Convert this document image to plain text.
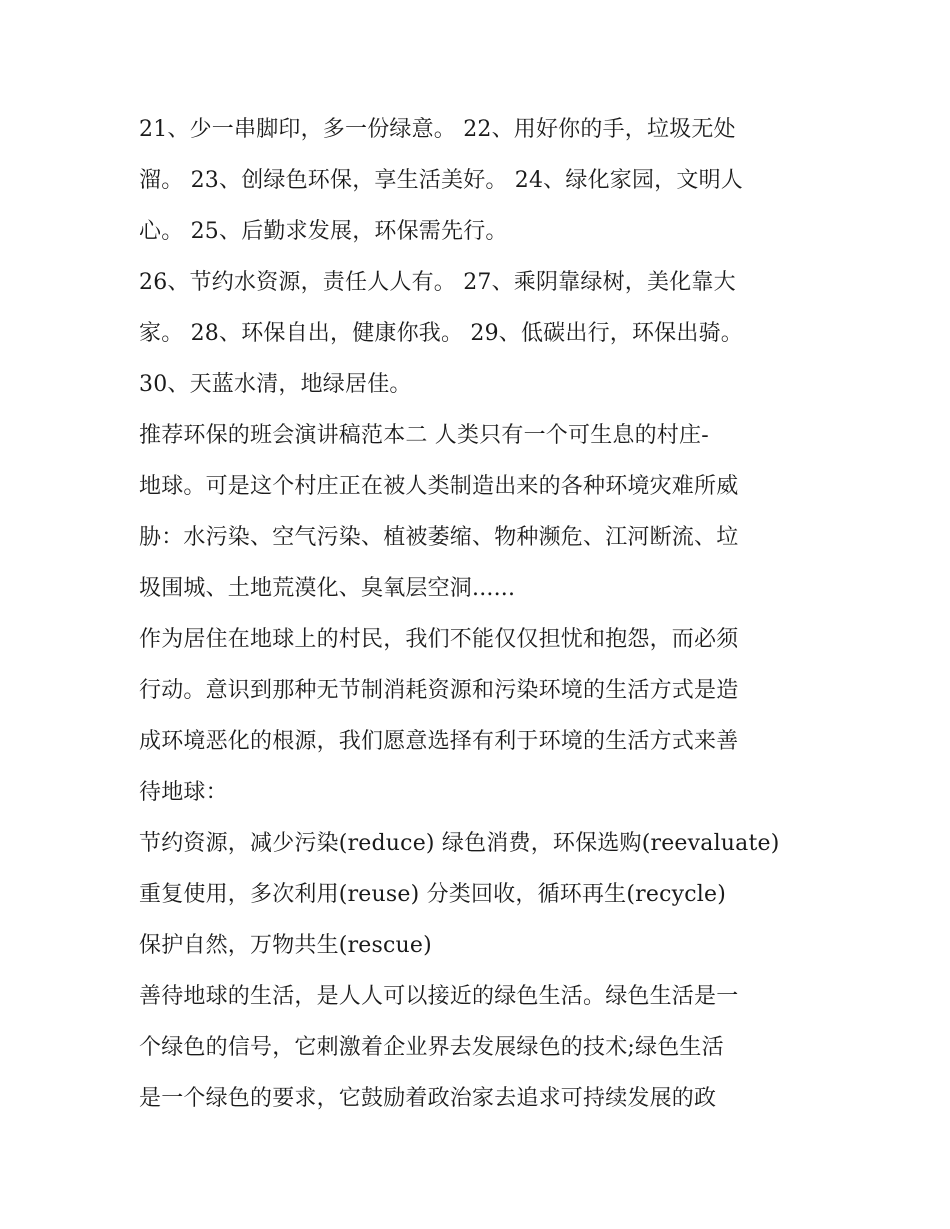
21、少一串脚印，多一份绿意。 22、用好你的手，垃圾无处
溜。 23、创绿色环保，享生活美好。 24、绿化家园，文明人
心。 25、后勤求发展，环保需先行。
26、节约水资源，责任人人有。 27、乘阴靠绿树，美化靠大
家。 28、环保自出，健康你我。 29、低碳出行，环保出骑。
30、天蓝水清，地绿居佳。
推荐环保的班会演讲稿范本二 人类只有一个可生息的村庄-
地球。可是这个村庄正在被人类制造出来的各种环境灾难所威
胁：水污染、空气污染、植被萎缩、物种濒危、江河断流、垃
圾围城、土地荒漠化、臭氧层空洞......
作为居住在地球上的村民，我们不能仅仅担忧和抱怨，而必须
行动。意识到那种无节制消耗资源和污染环境的生活方式是造
成环境恶化的根源，我们愿意选择有利于环境的生活方式来善
待地球：
节约资源，减少污染(reduce) 绿色消费，环保选购(reevaluate)
重复使用，多次利用(reuse) 分类回收，循环再生(recycle)
保护自然，万物共生(rescue)
善待地球的生活，是人人可以接近的绿色生活。绿色生活是一
个绿色的信号，它刺激着企业界去发展绿色的技术;绿色生活
是一个绿色的要求，它鼓励着政治家去追求可持续发展的政
